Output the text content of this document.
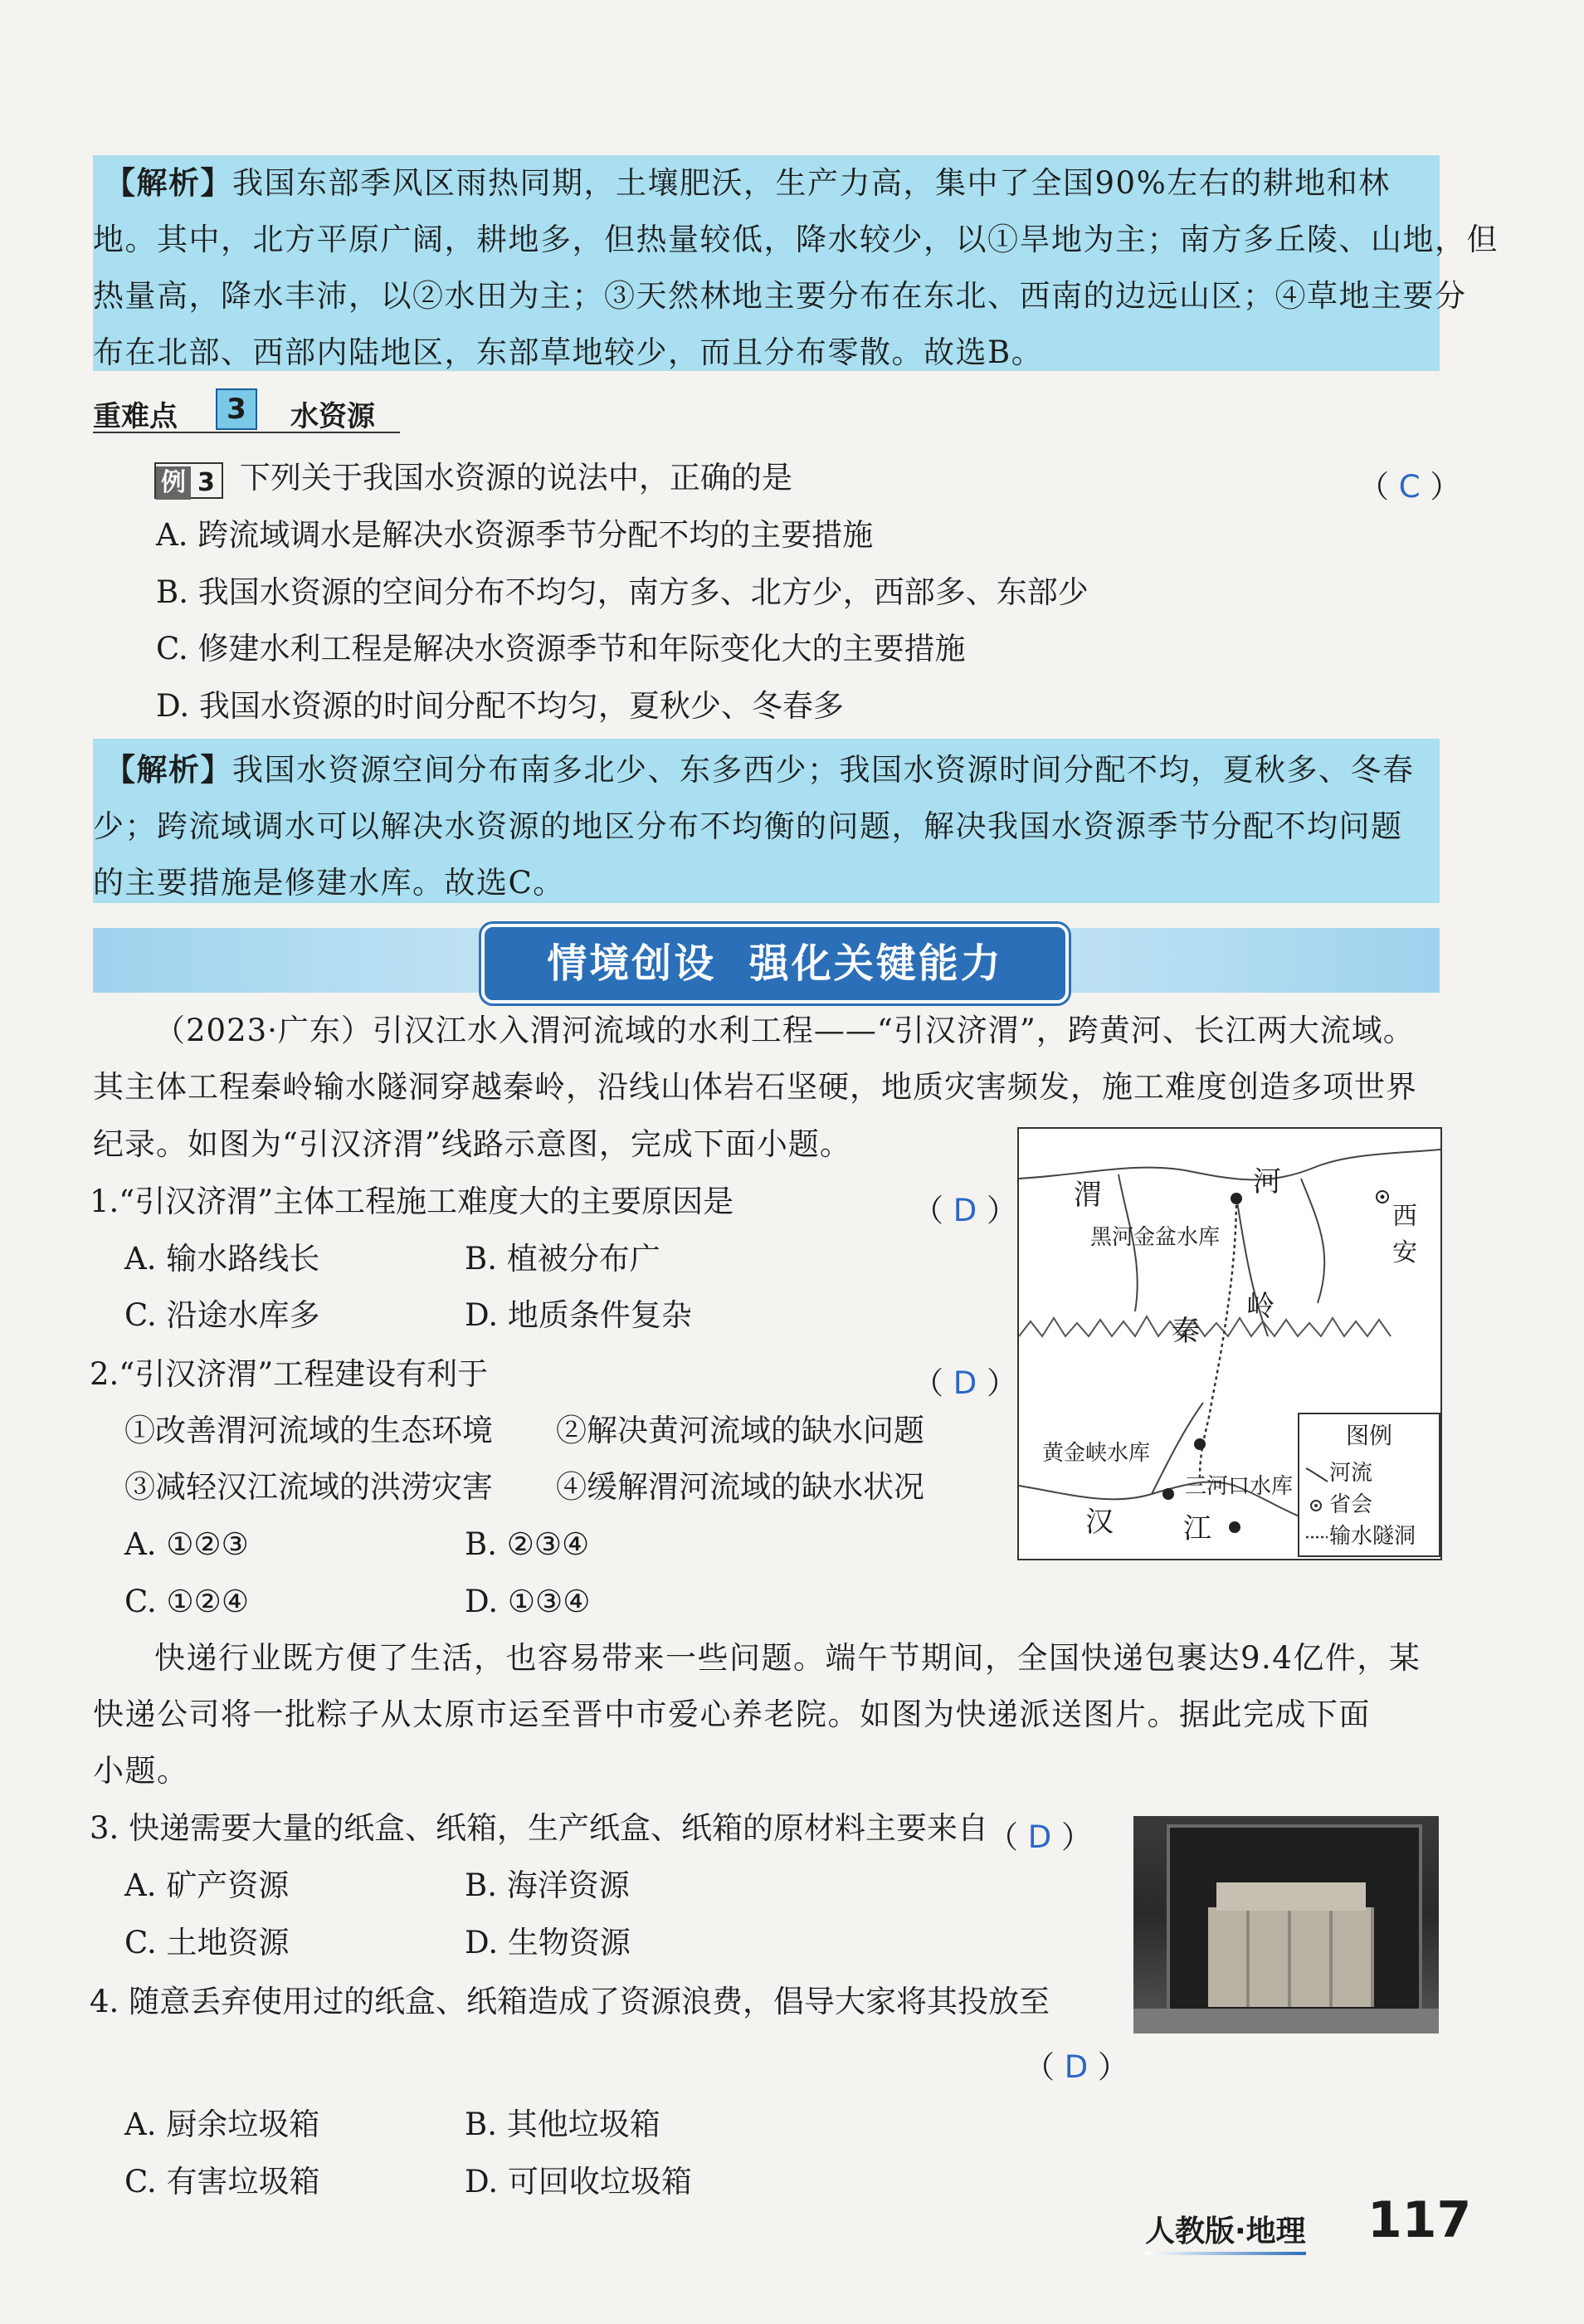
【解析】我国东部季风区雨热同期，土壤肥沃，生产力高，集中了全国90%左右的耕地和林
地。其中，北方平原广阔，耕地多，但热量较低，降水较少，以①旱地为主；南方多丘陵、山地，但
热量高，降水丰沛，以②水田为主；③天然林地主要分布在东北、西南的边远山区；④草地主要分
布在北部、西部内陆地区，东部草地较少，而且分布零散。故选B。
重难点	3	水资源
例 3 下列关于我国水资源的说法中，正确的是	（ C ）
A. 跨流域调水是解决水资源季节分配不均的主要措施
B. 我国水资源的空间分布不均匀，南方多、北方少，西部多、东部少
C. 修建水利工程是解决水资源季节和年际变化大的主要措施
D. 我国水资源的时间分配不均匀，夏秋少、冬春多
【解析】我国水资源空间分布南多北少、东多西少；我国水资源时间分配不均，夏秋多、冬春
少；跨流域调水可以解决水资源的地区分布不均衡的问题，解决我国水资源季节分配不均问题
的主要措施是修建水库。故选C。
情境创设  强化关键能力
（2023·广东）引汉江水入渭河流域的水利工程——“引汉济渭”，跨黄河、长江两大流域。
其主体工程秦岭输水隧洞穿越秦岭，沿线山体岩石坚硬，地质灾害频发，施工难度创造多项世界
纪录。如图为“引汉济渭”线路示意图，完成下面小题。
1.“引汉济渭”主体工程施工难度大的主要原因是	（ D ）
A. 输水路线长	B. 植被分布广
C. 沿途水库多	D. 地质条件复杂
2.“引汉济渭”工程建设有利于	（ D ）
①改善渭河流域的生态环境 ②解决黄河流域的缺水问题
③减轻汉江流域的洪涝灾害 ④缓解渭河流域的缺水状况
A. ①②③	B. ②③④
C. ①②④	D. ①③④
渭	河
西安
黑河金盆水库
秦
岭
黄金峡水库
三河口水库
汉 江
图例
河流
省会
输水隧洞
快递行业既方便了生活，也容易带来一些问题。端午节期间，全国快递包裹达9.4亿件，某
快递公司将一批粽子从太原市运至晋中市爱心养老院。如图为快递派送图片。据此完成下面
小题。
3. 快递需要大量的纸盒、纸箱，生产纸盒、纸箱的原材料主要来自
（ D ）
A. 矿产资源	B. 海洋资源
C. 土地资源	D. 生物资源
4. 随意丢弃使用过的纸盒、纸箱造成了资源浪费，倡导大家将其投放至
（ D ）
A. 厨余垃圾箱	B. 其他垃圾箱
C. 有害垃圾箱	D. 可回收垃圾箱
人教版·地理 117
